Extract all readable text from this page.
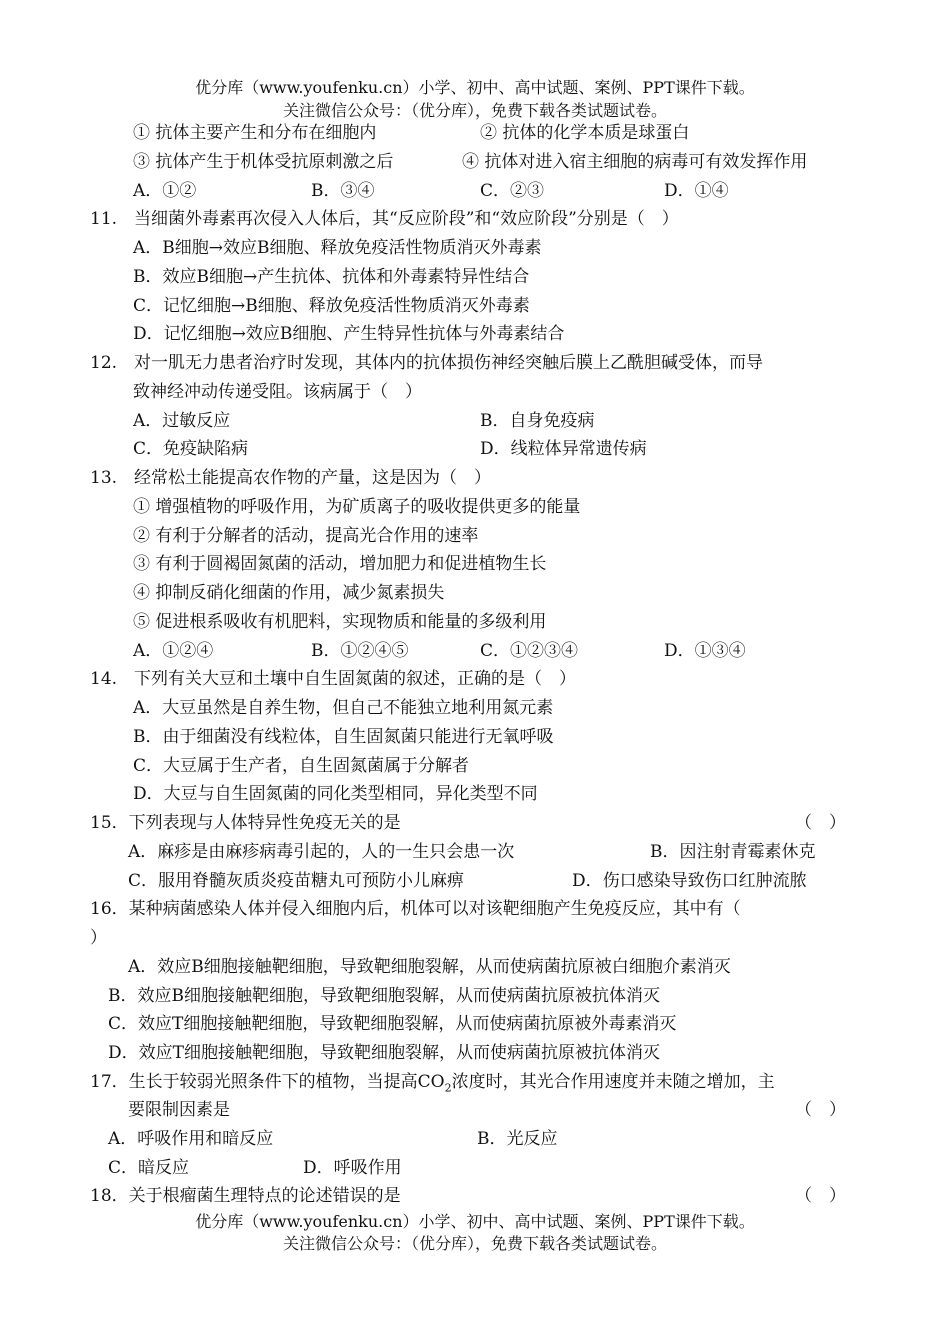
优分库（www.youfenku.cn）小学、初中、高中试题、案例、PPT课件下载。
关注微信公众号：（优分库），免费下载各类试题试卷。
① 抗体主要产生和分布在细胞内	② 抗体的化学本质是球蛋白
③ 抗体产生于机体受抗原刺激之后	④ 抗体对进入宿主细胞的病毒可有效发挥作用
A．①②	B．③④	C．②③	D．①④
11.　当细菌外毒素再次侵入人体后，其“反应阶段”和“效应阶段”分别是（　）
A．B细胞→效应B细胞、释放免疫活性物质消灭外毒素
B．效应B细胞→产生抗体、抗体和外毒素特异性结合
C．记忆细胞→B细胞、释放免疫活性物质消灭外毒素
D．记忆细胞→效应B细胞、产生特异性抗体与外毒素结合
12.　对一肌无力患者治疗时发现，其体内的抗体损伤神经突触后膜上乙酰胆碱受体，而导
致神经冲动传递受阻。该病属于（　）
A．过敏反应	B．自身免疫病
C．免疫缺陷病	D．线粒体异常遗传病
13.　经常松土能提高农作物的产量，这是因为（　）
① 增强植物的呼吸作用，为矿质离子的吸收提供更多的能量
② 有利于分解者的活动，提高光合作用的速率
③ 有利于圆褐固氮菌的活动，增加肥力和促进植物生长
④ 抑制反硝化细菌的作用，减少氮素损失
⑤ 促进根系吸收有机肥料，实现物质和能量的多级利用
A．①②④	B．①②④⑤	C．①②③④	D．①③④
14.　下列有关大豆和土壤中自生固氮菌的叙述，正确的是（　）
A．大豆虽然是自养生物，但自己不能独立地利用氮元素
B．由于细菌没有线粒体，自生固氮菌只能进行无氧呼吸
C．大豆属于生产者，自生固氮菌属于分解者
D．大豆与自生固氮菌的同化类型相同，异化类型不同
15．下列表现与人体特异性免疫无关的是	（　）
A．麻疹是由麻疹病毒引起的，人的一生只会患一次	B．因注射青霉素休克
C．服用脊髓灰质炎疫苗糖丸可预防小儿麻痹	D．伤口感染导致伤口红肿流脓
16．某种病菌感染人体并侵入细胞内后，机体可以对该靶细胞产生免疫反应，其中有（
）
A．效应B细胞接触靶细胞，导致靶细胞裂解，从而使病菌抗原被白细胞介素消灭
B．效应B细胞接触靶细胞，导致靶细胞裂解，从而使病菌抗原被抗体消灭
C．效应T细胞接触靶细胞，导致靶细胞裂解，从而使病菌抗原被外毒素消灭
D．效应T细胞接触靶细胞，导致靶细胞裂解，从而使病菌抗原被抗体消灭
17．生长于较弱光照条件下的植物，当提高$CO_2$浓度时，其光合作用速度并未随之增加，主
要限制因素是	（　）
A．呼吸作用和暗反应	B．光反应
C．暗反应	D．呼吸作用
18．关于根瘤菌生理特点的论述错误的是	（　）
优分库（www.youfenku.cn）小学、初中、高中试题、案例、PPT课件下载。
关注微信公众号：（优分库），免费下载各类试题试卷。
